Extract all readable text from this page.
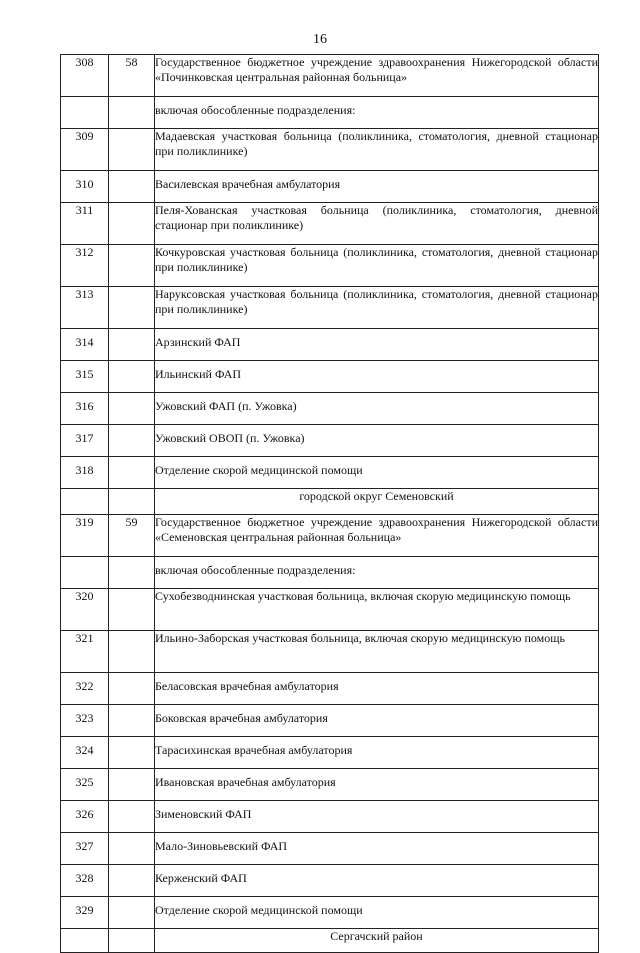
16
308	58	Государственное бюджетное учреждение здравоохранения Нижегородской области «Починковская центральная районная больница»
		включая обособленные подразделения:
309		Мадаевская участковая больница (поликлиника, стоматология, дневной стационар при поликлинике)
310		Василевская врачебная амбулатория
311		Пеля-Хованская участковая больница (поликлиника, стоматология, дневной стационар при поликлинике)
312		Кочкуровская участковая больница (поликлиника, стоматология, дневной стационар при поликлинике)
313		Наруксовская участковая больница (поликлиника, стоматология, дневной стационар при поликлинике)
314		Арзинский ФАП
315		Ильинский ФАП
316		Ужовский ФАП (п. Ужовка)
317		Ужовский ОВОП (п. Ужовка)
318		Отделение скорой медицинской помощи
		городской округ Семеновский
319	59	Государственное бюджетное учреждение здравоохранения Нижегородской области «Семеновская центральная районная больница»
		включая обособленные подразделения:
320		Сухобезводнинская участковая больница, включая скорую медицинскую помощь
321		Ильино-Заборская участковая больница, включая скорую медицинскую помощь
322		Беласовская врачебная амбулатория
323		Боковская врачебная амбулатория
324		Тарасихинская врачебная амбулатория
325		Ивановская врачебная амбулатория
326		Зименовский ФАП
327		Мало-Зиновьевский ФАП
328		Керженский ФАП
329		Отделение скорой медицинской помощи
		Сергачский район
